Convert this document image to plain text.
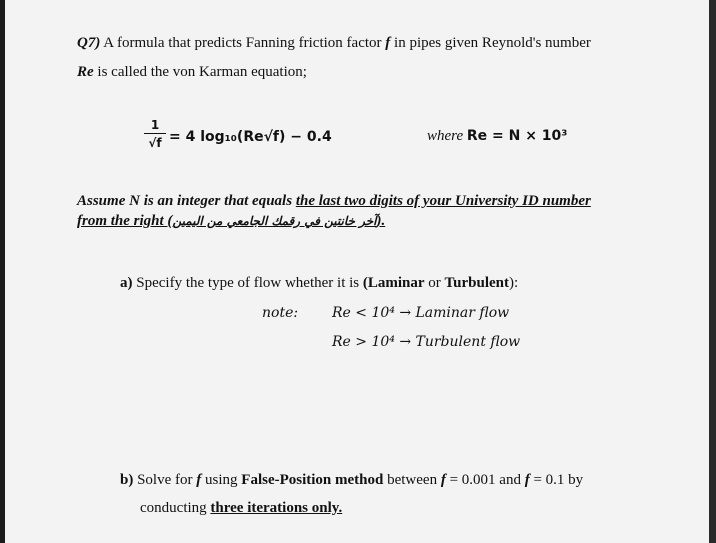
Q7) A formula that predicts Fanning friction factor f in pipes given Reynold's number
Re is called the von Karman equation;
1
√f = 4 log₁₀(Re√f) − 0.4	where Re = N × 10³
Assume N is an integer that equals the last two digits of your University ID number
from the right (آخر خانتين في رقمك الجامعي من اليمين).
a) Specify the type of flow whether it is (Laminar or Turbulent):
note: Re < 10⁴ → Laminar flow
Re > 10⁴ → Turbulent flow
b) Solve for f using False-Position method between f = 0.001 and f = 0.1 by
conducting three iterations only.
